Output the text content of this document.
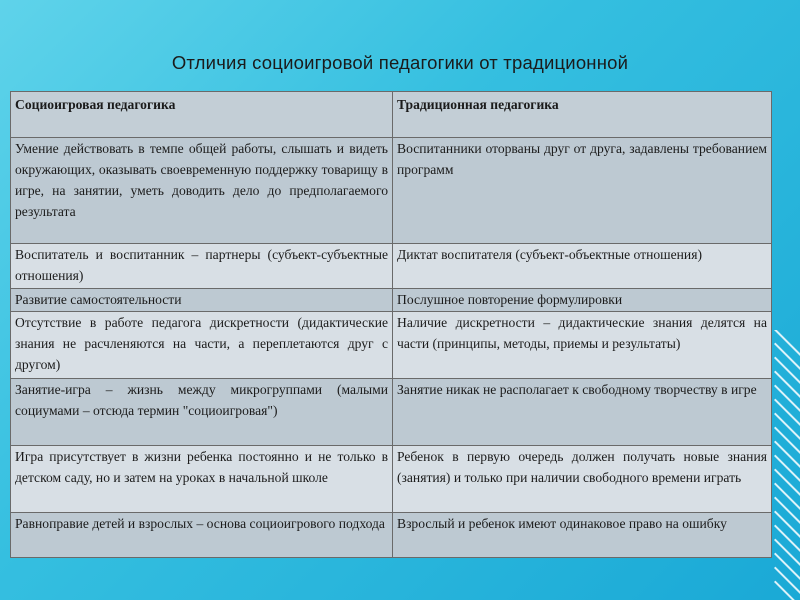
Отличия социоигровой педагогики от традиционной
Социоигровая педагогика	Традиционная педагогика
Умение действовать в темпе общей работы, слышать и видеть окружающих, оказывать своевременную поддержку товарищу в игре, на занятии, уметь доводить дело до предполагаемого результата	Воспитанники оторваны друг от друга, задавлены требованием программ
Воспитатель и воспитанник – партнеры (субъект-субъектные отношения)	Диктат воспитателя (субъект-объектные отношения)
Развитие самостоятельности	Послушное повторение формулировки
Отсутствие в работе педагога дискретности (дидактические знания не расчленяются на части, а переплетаются друг с другом)	Наличие дискретности – дидактические знания делятся на части (принципы, методы, приемы и результаты)
Занятие-игра – жизнь между микрогруппами (малыми социумами – отсюда термин "социоигровая")	Занятие никак не располагает к свободному творчеству в игре
Игра присутствует в жизни ребенка постоянно и не только в детском саду, но и затем на уроках в начальной школе	Ребенок в первую очередь должен получать новые знания (занятия) и только при наличии свободного времени играть
Равноправие детей и взрослых – основа социоигрового подхода	Взрослый и ребенок имеют одинаковое право на ошибку
